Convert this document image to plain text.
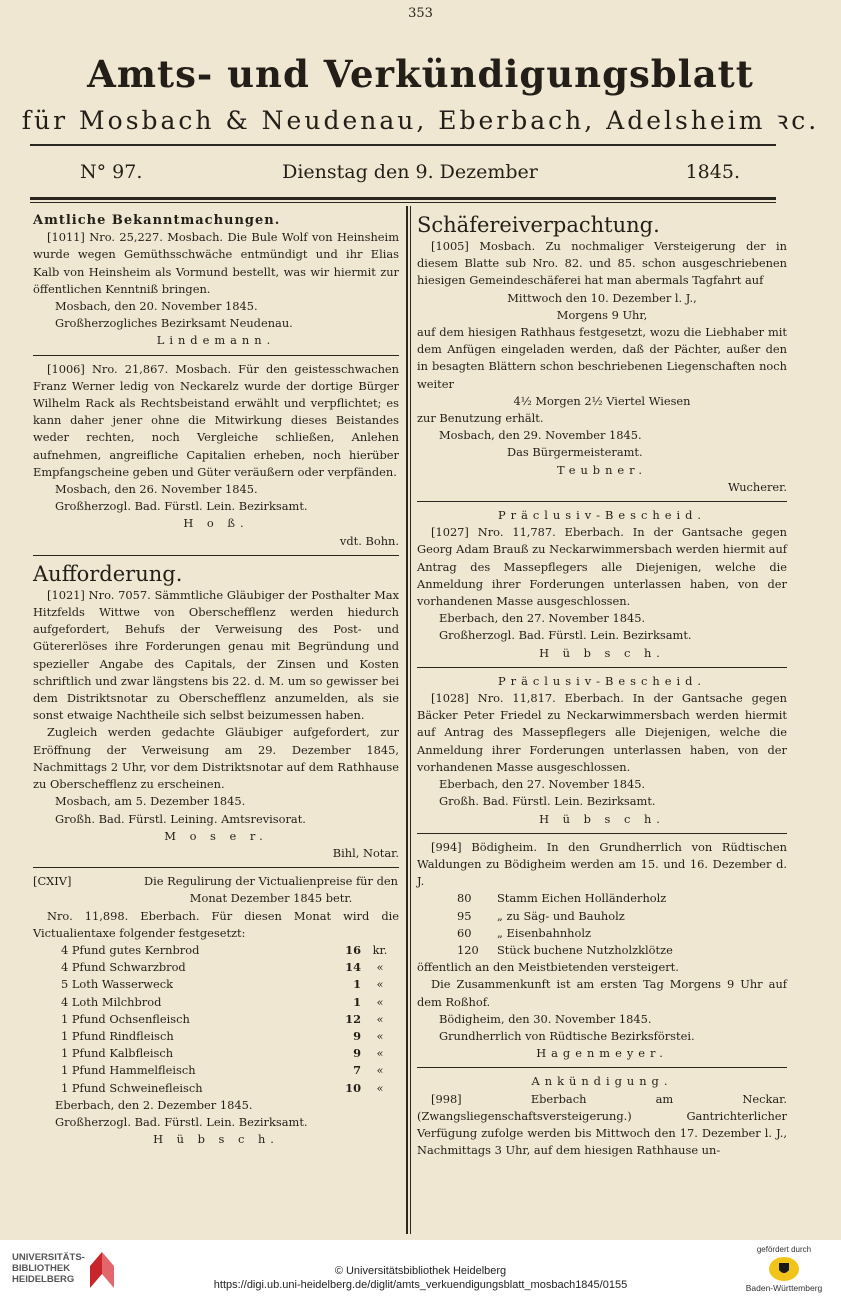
353
Amts- und Verkündigungsblatt
für Mosbach & Neudenau, Eberbach, Adelsheim ꝛc.
Dienstag den 9. Dezember
N° 97.	1845.

Amtliche Bekanntmachungen.

[1011] Nro. 25,227. Mosbach. Die Bule Wolf von Heinsheim wurde wegen Gemüthsschwäche entmündigt und ihr Elias Kalb von Heinsheim als Vormund bestellt, was wir hiermit zur öffentlichen Kenntniß bringen.

Mosbach, den 20. November 1845.

Großherzogliches Bezirksamt Neudenau.

Lindemann.

[1006] Nro. 21,867. Mosbach. Für den geistesschwachen Franz Werner ledig von Neckarelz wurde der dortige Bürger Wilhelm Rack als Rechtsbeistand erwählt und verpflichtet; es kann daher jener ohne die Mitwirkung dieses Beistandes weder rechten, noch Vergleiche schließen, Anlehen aufnehmen, angreifliche Capitalien erheben, noch hierüber Empfangscheine geben und Güter veräußern oder verpfänden.

Mosbach, den 26. November 1845.

Großherzogl. Bad. Fürstl. Lein. Bezirksamt.

H o ß.

vdt. Bohn.

Aufforderung.

[1021] Nro. 7057. Sämmtliche Gläubiger der Posthalter Max Hitzfelds Wittwe von Oberschefflenz werden hiedurch aufgefordert, Behufs der Verweisung des Post- und Gütererlöses ihre Forderungen genau mit Begründung und spezieller Angabe des Capitals, der Zinsen und Kosten schriftlich und zwar längstens bis 22. d. M. um so gewisser bei dem Distriktsnotar zu Oberschefflenz anzumelden, als sie sonst etwaige Nachtheile sich selbst beizumessen haben.

Zugleich werden gedachte Gläubiger aufgefordert, zur Eröffnung der Verweisung am 29. Dezember 1845, Nachmittags 2 Uhr, vor dem Distriktsnotar auf dem Rathhause zu Oberschefflenz zu erscheinen.

Mosbach, am 5. Dezember 1845.

Großh. Bad. Fürstl. Leining. Amtsrevisorat.

M o s e r.

Bihl, Notar.

[CXIV]	Die Regulirung der Victualienpreise für den Monat Dezember 1845 betr.

Nro. 11,898. Eberbach. Für diesen Monat wird die Victualientaxe folgender festgesetzt:

4 Pfund gutes Kernbrod	16	kr.
4 Pfund Schwarzbrod	14	«
5 Loth Wasserweck	1	«
4 Loth Milchbrod	1	«
1 Pfund Ochsenfleisch	12	«
1 Pfund Rindfleisch	9	«
1 Pfund Kalbfleisch	9	«
1 Pfund Hammelfleisch	7	«
1 Pfund Schweinefleisch	10	«

Eberbach, den 2. Dezember 1845.

Großherzogl. Bad. Fürstl. Lein. Bezirksamt.

H ü b s c h.

Schäfereiverpachtung.

[1005] Mosbach. Zu nochmaliger Versteigerung der in diesem Blatte sub Nro. 82. und 85. schon ausgeschriebenen hiesigen Gemeindeschäferei hat man abermals Tagfahrt auf

Mittwoch den 10. Dezember l. J.,

Morgens 9 Uhr,

auf dem hiesigen Rathhaus festgesetzt, wozu die Liebhaber mit dem Anfügen eingeladen werden, daß der Pächter, außer den in besagten Blättern schon beschriebenen Liegenschaften noch weiter

4½ Morgen 2½ Viertel Wiesen

zur Benutzung erhält.

Mosbach, den 29. November 1845.

Das Bürgermeisteramt.

Teubner.

Wucherer.

Präclusiv-Bescheid.

[1027] Nro. 11,787. Eberbach. In der Gantsache gegen Georg Adam Brauß zu Neckarwimmersbach werden hiermit auf Antrag des Massepflegers alle Diejenigen, welche die Anmeldung ihrer Forderungen unterlassen haben, von der vorhandenen Masse ausgeschlossen.

Eberbach, den 27. November 1845.

Großherzogl. Bad. Fürstl. Lein. Bezirksamt.

H ü b s c h.

Präclusiv-Bescheid.

[1028] Nro. 11,817. Eberbach. In der Gantsache gegen Bäcker Peter Friedel zu Neckarwimmersbach werden hiermit auf Antrag des Massepflegers alle Diejenigen, welche die Anmeldung ihrer Forderungen unterlassen haben, von der vorhandenen Masse ausgeschlossen.

Eberbach, den 27. November 1845.

Großh. Bad. Fürstl. Lein. Bezirksamt.

H ü b s c h.

[994] Bödigheim. In den Grundherrlich von Rüdtischen Waldungen zu Bödigheim werden am 15. und 16. Dezember d. J.

80	Stamm Eichen Holländerholz
95	„ zu Säg- und Bauholz
60	„ Eisenbahnholz
120	Stück buchene Nutzholzklötze

öffentlich an den Meistbietenden versteigert.

Die Zusammenkunft ist am ersten Tag Morgens 9 Uhr auf dem Roßhof.

Bödigheim, den 30. November 1845.

Grundherrlich von Rüdtische Bezirksförstei.

Hagenmeyer.

Ankündigung.

[998] Eberbach am Neckar. (Zwangsliegenschaftsversteigerung.) Gantrichterlicher Verfügung zufolge werden bis Mittwoch den 17. Dezember l. J., Nachmittags 3 Uhr, auf dem hiesigen Rathhause un-

UNIVERSITÄTS-
BIBLIOTHEK
HEIDELBERG
© Universitätsbibliothek Heidelberg
https://digi.ub.uni-heidelberg.de/diglit/amts_verkuendigungsblatt_mosbach1845/0155
gefördert durch
Baden-Württemberg
